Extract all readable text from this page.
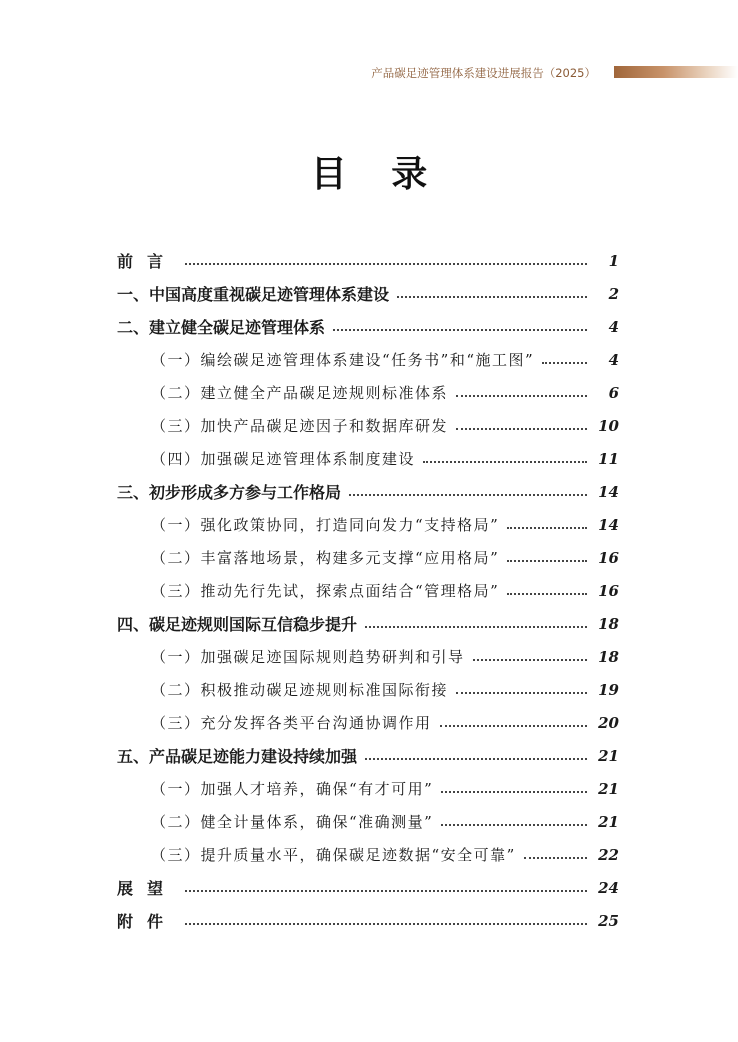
产品碳足迹管理体系建设进展报告（2025）
目 录
前言	1
一、中国高度重视碳足迹管理体系建设	2
二、建立健全碳足迹管理体系	4
（一）编绘碳足迹管理体系建设“任务书”和“施工图”	4
（二）建立健全产品碳足迹规则标准体系	6
（三）加快产品碳足迹因子和数据库研发	10
（四）加强碳足迹管理体系制度建设	11
三、初步形成多方参与工作格局	14
（一）强化政策协同，打造同向发力“支持格局”	14
（二）丰富落地场景，构建多元支撑“应用格局”	16
（三）推动先行先试，探索点面结合“管理格局”	16
四、碳足迹规则国际互信稳步提升	18
（一）加强碳足迹国际规则趋势研判和引导	18
（二）积极推动碳足迹规则标准国际衔接	19
（三）充分发挥各类平台沟通协调作用	20
五、产品碳足迹能力建设持续加强	21
（一）加强人才培养，确保“有才可用”	21
（二）健全计量体系，确保“准确测量”	21
（三）提升质量水平，确保碳足迹数据“安全可靠”	22
展望	24
附件	25
